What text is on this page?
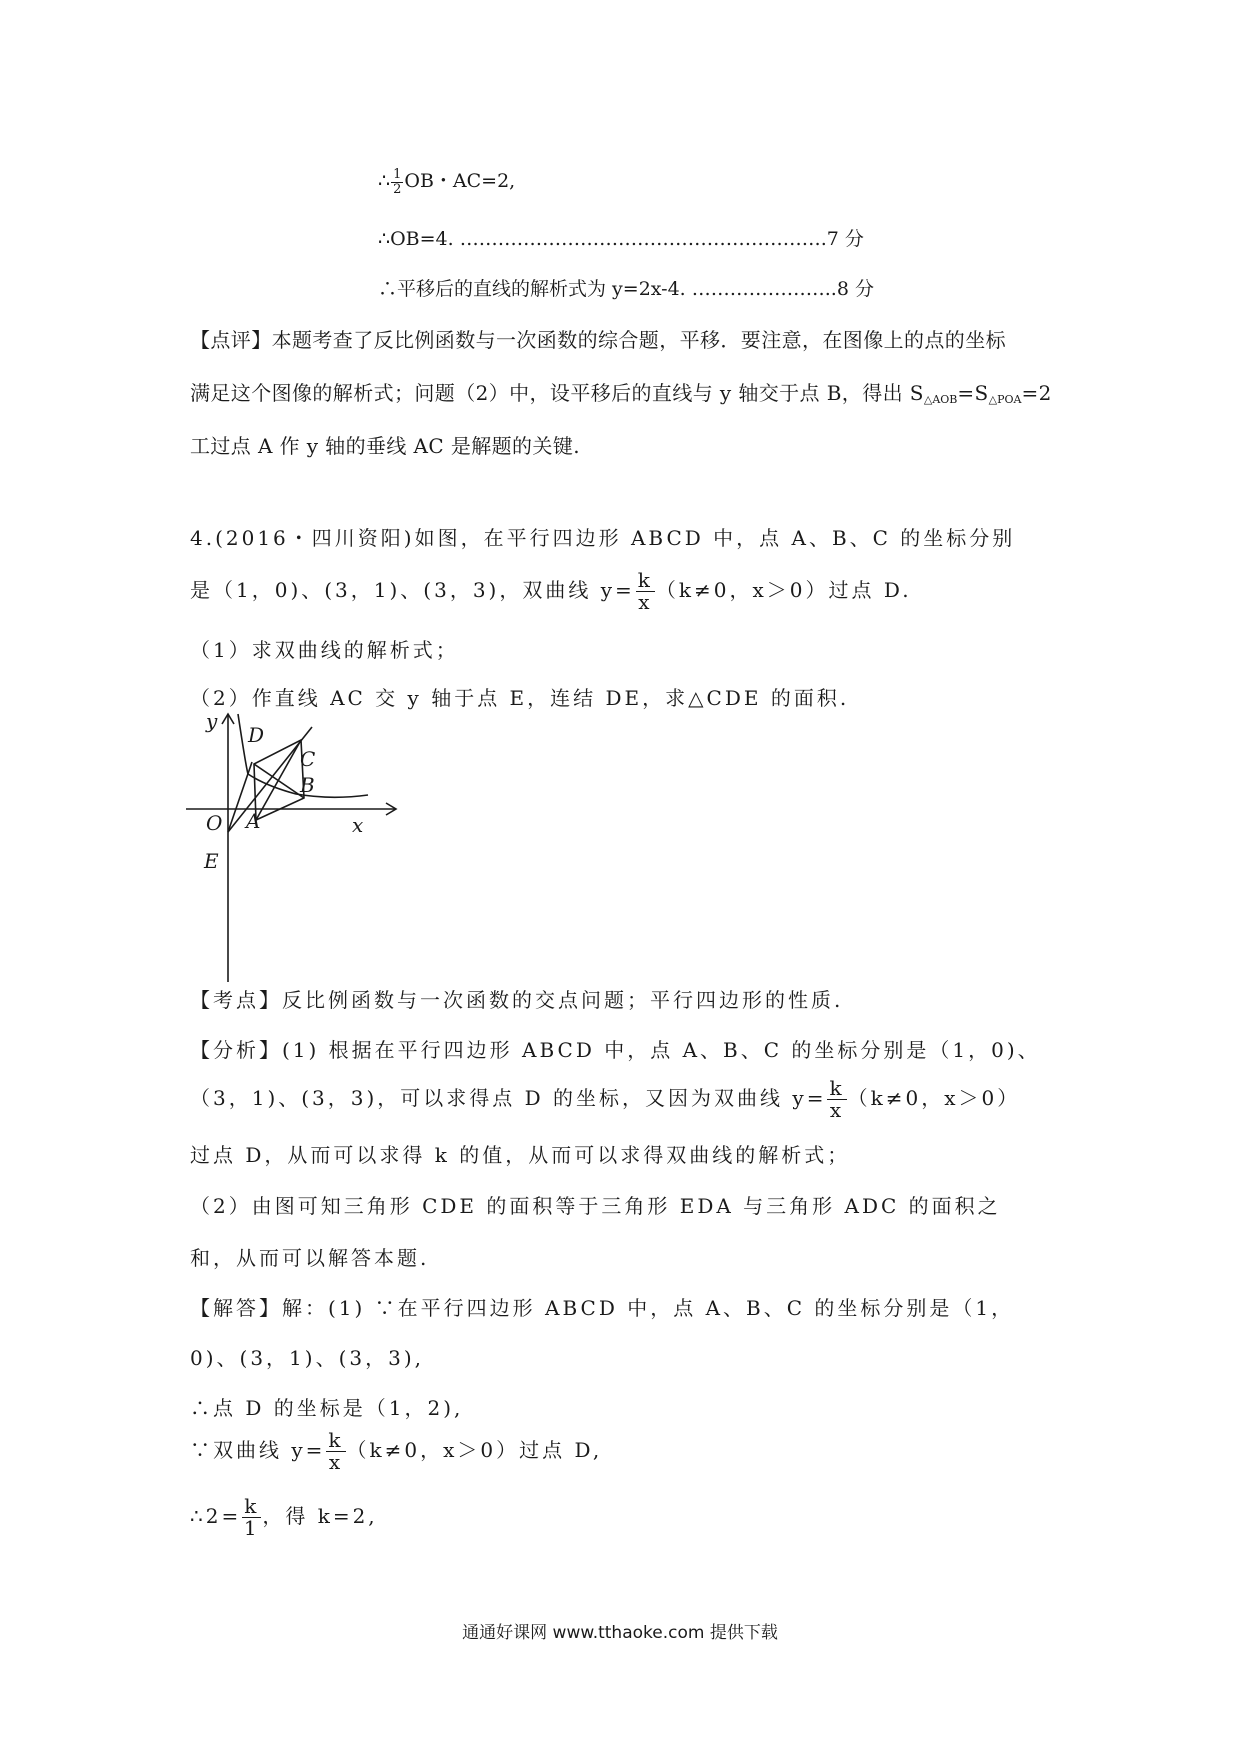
∴ $\frac{1}{2}$ OB・AC=2,
∴OB=4. ………………………………………………….7 分
∴平移后的直线的解析式为 y=2x-4. …………………..8 分
【点评】本题考查了反比例函数与一次函数的综合题，平移．要注意，在图像上的点的坐标
满足这个图像的解析式；问题（2）中，设平移后的直线与 y 轴交于点 B，得出 $S_{\triangle AOB}=S_{\triangle POA}=2$
工过点 A 作 y 轴的垂线 AC 是解题的关键.
4.(2016・四川资阳)如图，在平行四边形 ABCD 中，点 A、B、C 的坐标分别
是（1，0)、(3，1)、(3，3)，双曲线 $y= \frac{k}{x} (k\ne 0$，x＞0）过点 D.
（1）求双曲线的解析式；
（2）作直线 AC 交 y 轴于点 E，连结 DE，求△CDE 的面积.
y
x
O A
B
C
D
E
【考点】反比例函数与一次函数的交点问题；平行四边形的性质.
【分析】(1) 根据在平行四边形 ABCD 中，点 A、B、C 的坐标分别是（1，0)、
（3，1)、(3，3)，可以求得点 D 的坐标，又因为双曲线 $y= \frac{k}{x} (k\ne 0$，x＞0）
过点 D，从而可以求得 k 的值，从而可以求得双曲线的解析式；
（2）由图可知三角形 CDE 的面积等于三角形 EDA 与三角形 ADC 的面积之
和，从而可以解答本题.
【解答】解：(1) ∵在平行四边形 ABCD 中，点 A、B、C 的坐标分别是（1，
0)、(3，1)、(3，3),
∴点 D 的坐标是（1，2),
∵双曲线 $y= \frac{k}{x} (k\ne 0$，x＞0）过点 D,
∴2= $\frac{k}{1}$ ，得 k=2,
通通好课网 www.tthaoke.com 提供下载
